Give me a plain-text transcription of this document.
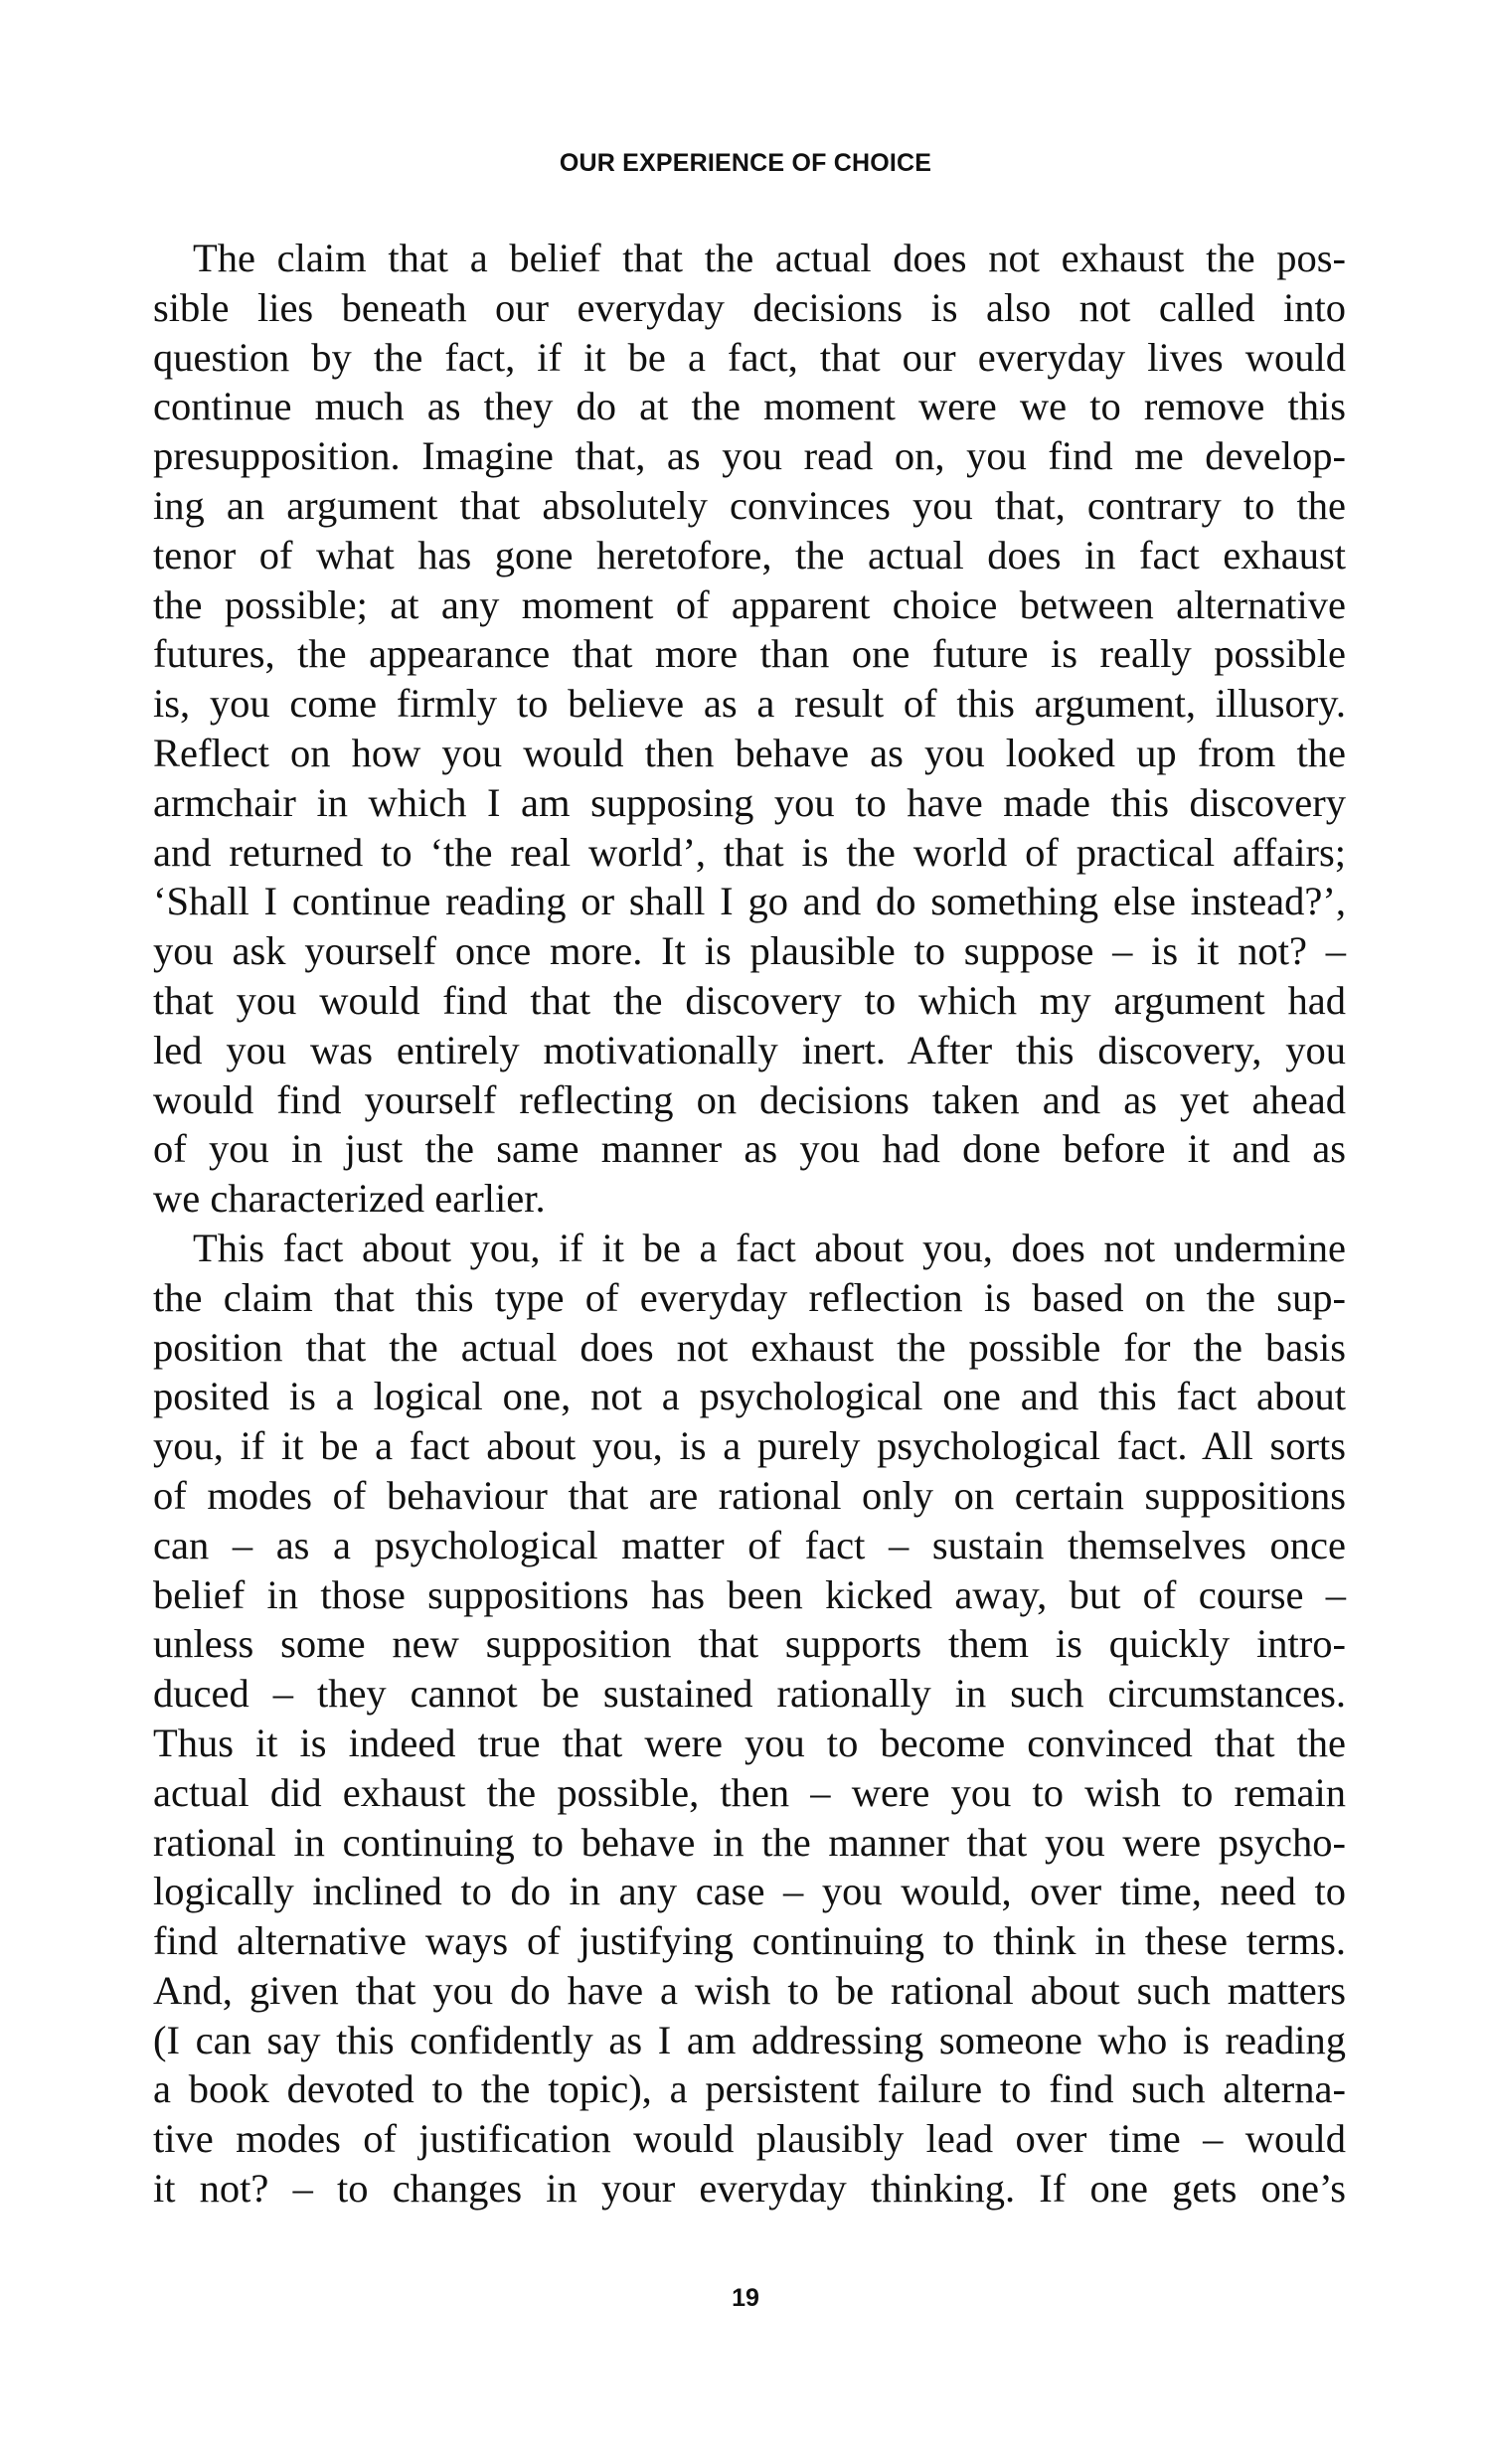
OUR EXPERIENCE OF CHOICE
The claim that a belief that the actual does not exhaust the pos-
sible lies beneath our everyday decisions is also not called into
question by the fact, if it be a fact, that our everyday lives would
continue much as they do at the moment were we to remove this
presupposition. Imagine that, as you read on, you find me develop-
ing an argument that absolutely convinces you that, contrary to the
tenor of what has gone heretofore, the actual does in fact exhaust
the possible; at any moment of apparent choice between alternative
futures, the appearance that more than one future is really possible
is, you come firmly to believe as a result of this argument, illusory.
Reflect on how you would then behave as you looked up from the
armchair in which I am supposing you to have made this discovery
and returned to ‘the real world’, that is the world of practical affairs;
‘Shall I continue reading or shall I go and do something else instead?’,
you ask yourself once more. It is plausible to suppose – is it not? –
that you would find that the discovery to which my argument had
led you was entirely motivationally inert. After this discovery, you
would find yourself reflecting on decisions taken and as yet ahead
of you in just the same manner as you had done before it and as
we characterized earlier.
This fact about you, if it be a fact about you, does not undermine
the claim that this type of everyday reflection is based on the sup-
position that the actual does not exhaust the possible for the basis
posited is a logical one, not a psychological one and this fact about
you, if it be a fact about you, is a purely psychological fact. All sorts
of modes of behaviour that are rational only on certain suppositions
can – as a psychological matter of fact – sustain themselves once
belief in those suppositions has been kicked away, but of course –
unless some new supposition that supports them is quickly intro-
duced – they cannot be sustained rationally in such circumstances.
Thus it is indeed true that were you to become convinced that the
actual did exhaust the possible, then – were you to wish to remain
rational in continuing to behave in the manner that you were psycho-
logically inclined to do in any case – you would, over time, need to
find alternative ways of justifying continuing to think in these terms.
And, given that you do have a wish to be rational about such matters
(I can say this confidently as I am addressing someone who is reading
a book devoted to the topic), a persistent failure to find such alterna-
tive modes of justification would plausibly lead over time – would
it not? – to changes in your everyday thinking. If one gets one’s
19
